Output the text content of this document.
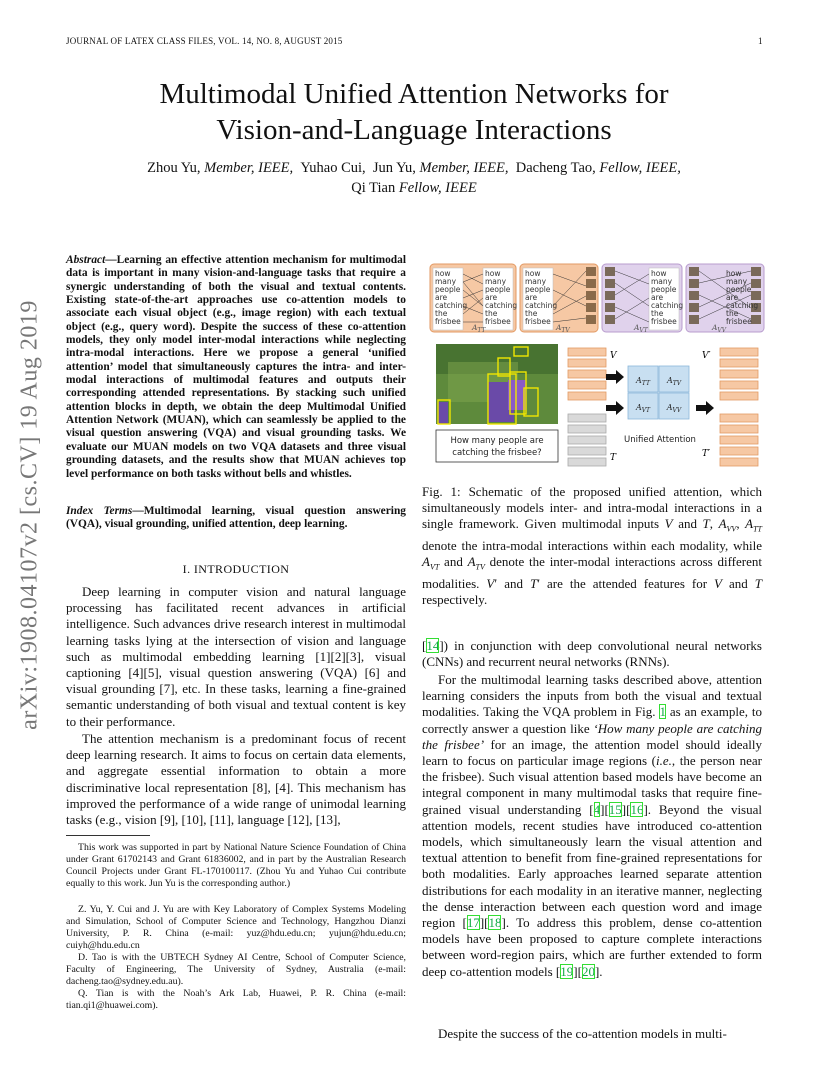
JOURNAL OF LATEX CLASS FILES, VOL. 14, NO. 8, AUGUST 2015	1
Multimodal Unified Attention Networks for
Vision-and-Language Interactions
Zhou Yu, Member, IEEE, Yuhao Cui, Jun Yu, Member, IEEE, Dacheng Tao, Fellow, IEEE,
Qi Tian Fellow, IEEE
arXiv:1908.04107v2 [cs.CV] 19 Aug 2019
Abstract—Learning an effective attention mechanism for multimodal data is important in many vision-and-language tasks that require a synergic understanding of both the visual and textual contents. Existing state-of-the-art approaches use co-attention models to associate each visual object (e.g., image region) with each textual object (e.g., query word). Despite the success of these co-attention models, they only model inter-modal interactions while neglecting intra-modal interactions. Here we propose a general ‘unified attention’ model that simultaneously captures the intra- and inter-modal interactions of multimodal features and outputs their corresponding attended representations. By stacking such unified attention blocks in depth, we obtain the deep Multimodal Unified Attention Network (MUAN), which can seamlessly be applied to the visual question answering (VQA) and visual grounding tasks. We evaluate our MUAN models on two VQA datasets and three visual grounding datasets, and the results show that MUAN achieves top level performance on both tasks without bells and whistles.
Index Terms—Multimodal learning, visual question answering (VQA), visual grounding, unified attention, deep learning.
I. INTRODUCTION
Deep learning in computer vision and natural language processing has facilitated recent advances in artificial intelligence. Such advances drive research interest in multimodal learning tasks lying at the intersection of vision and language such as multimodal embedding learning [1][2][3], visual captioning [4][5], visual question answering (VQA) [6] and visual grounding [7], etc. In these tasks, learning a fine-grained semantic understanding of both visual and textual content is key to their performance.
The attention mechanism is a predominant focus of recent deep learning research. It aims to focus on certain data elements, and aggregate essential information to obtain a more discriminative local representation [8], [4]. This mechanism has improved the performance of a wide range of unimodal learning tasks (e.g., vision [9], [10], [11], language [12], [13],
This work was supported in part by National Nature Science Foundation of China under Grant 61702143 and Grant 61836002, and in part by the Australian Research Council Projects under Grant FL-170100117. (Zhou Yu and Yuhao Cui contribute equally to this work. Jun Yu is the corresponding author.)
Z. Yu, Y. Cui and J. Yu are with Key Laboratory of Complex Systems Modeling and Simulation, School of Computer Science and Technology, Hangzhou Dianzi University, P. R. China (e-mail: yuz@hdu.edu.cn; yujun@hdu.edu.cn; cuiyh@hdu.edu.cn
D. Tao is with the UBTECH Sydney AI Centre, School of Computer Science, Faculty of Engineering, The University of Sydney, Australia (e-mail: dacheng.tao@sydney.edu.au).
Q. Tian is with the Noah’s Ark Lab, Huawei, P. R. China (e-mail: tian.qi1@huawei.com).
how
many
people
are
catching
the
frisbee
how
many
people
are
catching
the
frisbee
how
many
people
are
catching
the
frisbee
how
many
people
are
catching
the
frisbee
how
many
people
are
catching
the
frisbee
$A_{TT}$	$A_{TV}$	$A_{VT}$	$A_{VV}$
How many people are
catching the frisbee?
V
T
$A_{TT}$ $A_{TV}$
$A_{VT}$ $A_{VV}$
Unified Attention
V′
T′
Fig. 1: Schematic of the proposed unified attention, which simultaneously models inter- and intra-modal interactions in a single framework. Given multimodal inputs V and T, $A_{VV}$, $A_{TT}$ denote the intra-modal interactions within each modality, while $A_{VT}$ and $A_{TV}$ denote the inter-modal interactions across different modalities. V′ and T′ are the attended features for V and T respectively.
[14]) in conjunction with deep convolutional neural networks (CNNs) and recurrent neural networks (RNNs).
For the multimodal learning tasks described above, attention learning considers the inputs from both the visual and textual modalities. Taking the VQA problem in Fig. 1 as an example, to correctly answer a question like ‘How many people are catching the frisbee’ for an image, the attention model should ideally learn to focus on particular image regions (i.e., the person near the frisbee). Such visual attention based models have become an integral component in many multimodal tasks that require fine-grained visual understanding [4][15][16]. Beyond the visual attention models, recent studies have introduced co-attention models, which simultaneously learn the visual attention and textual attention to benefit from fine-grained representations for both modalities. Early approaches learned separate attention distributions for each modality in an iterative manner, neglecting the dense interaction between each question word and image region [17][18]. To address this problem, dense co-attention models have been proposed to capture complete interactions between word-region pairs, which are further extended to form deep co-attention models [19][20].
Despite the success of the co-attention models in multi-
